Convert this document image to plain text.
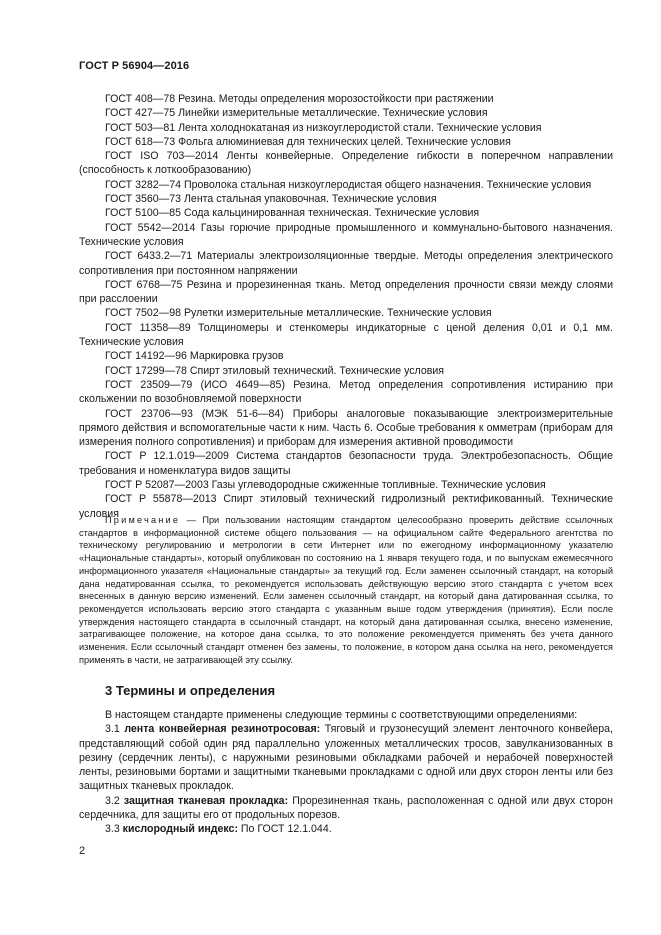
ГОСТ Р 56904—2016

ГОСТ 408—78 Резина. Методы определения морозостойкости при растяжении

ГОСТ 427—75 Линейки измерительные металлические. Технические условия

ГОСТ 503—81 Лента холоднокатаная из низкоуглеродистой стали. Технические условия

ГОСТ 618—73 Фольга алюминиевая для технических целей. Технические условия

ГОСТ ISO 703—2014 Ленты конвейерные. Определение гибкости в поперечном направлении (способность к лоткообразованию)

ГОСТ 3282—74 Проволока стальная низкоуглеродистая общего назначения. Технические условия

ГОСТ 3560—73 Лента стальная упаковочная. Технические условия

ГОСТ 5100—85 Сода кальцинированная техническая. Технические условия

ГОСТ 5542—2014 Газы горючие природные промышленного и коммунально-бытового назначения. Технические условия

ГОСТ 6433.2—71 Материалы электроизоляционные твердые. Методы определения электрического сопротивления при постоянном напряжении

ГОСТ 6768—75 Резина и прорезиненная ткань. Метод определения прочности связи между слоями при расслоении

ГОСТ 7502—98 Рулетки измерительные металлические. Технические условия

ГОСТ 11358—89 Толщиномеры и стенкомеры индикаторные с ценой деления 0,01 и 0,1 мм. Технические условия

ГОСТ 14192—96 Маркировка грузов

ГОСТ 17299—78 Спирт этиловый технический. Технические условия

ГОСТ 23509—79 (ИСО 4649—85) Резина. Метод определения сопротивления истиранию при скольжении по возобновляемой поверхности

ГОСТ 23706—93 (МЭК 51-6—84) Приборы аналоговые показывающие электроизмерительные прямого действия и вспомогательные части к ним. Часть 6. Особые требования к омметрам (приборам для измерения полного сопротивления) и приборам для измерения активной проводимости

ГОСТ Р 12.1.019—2009 Система стандартов безопасности труда. Электробезопасность. Общие требования и номенклатура видов защиты

ГОСТ Р 52087—2003 Газы углеводородные сжиженные топливные. Технические условия

ГОСТ Р 55878—2013 Спирт этиловый технический гидролизный ректификованный. Технические условия

Примечание — При пользовании настоящим стандартом целесообразно проверить действие ссылочных стандартов в информационной системе общего пользования — на официальном сайте Федерального агентства по техническому регулированию и метрологии в сети Интернет или по ежегодному информационному указателю «Национальные стандарты», который опубликован по состоянию на 1 января текущего года, и по выпускам ежемесячного информационного указателя «Национальные стандарты» за текущий год. Если заменен ссылочный стандарт, на который дана недатированная ссылка, то рекомендуется использовать действующую версию этого стандарта с учетом всех внесенных в данную версию изменений. Если заменен ссылочный стандарт, на который дана датированная ссылка, то рекомендуется использовать версию этого стандарта с указанным выше годом утверждения (принятия). Если после утверждения настоящего стандарта в ссылочный стандарт, на который дана датированная ссылка, внесено изменение, затрагивающее положение, на которое дана ссылка, то это положение рекомендуется применять без учета данного изменения. Если ссылочный стандарт отменен без замены, то положение, в котором дана ссылка на него, рекомендуется применять в части, не затрагивающей эту ссылку.

3 Термины и определения

В настоящем стандарте применены следующие термины с соответствующими определениями:

3.1 лента конвейерная резинотросовая: Тяговый и грузонесущий элемент ленточного конвейера, представляющий собой один ряд параллельно уложенных металлических тросов, завулканизованных в резину (сердечник ленты), с наружными резиновыми обкладками рабочей и нерабочей поверхностей ленты, резиновыми бортами и защитными тканевыми прокладками с одной или двух сторон ленты или без защитных тканевых прокладок.

3.2 защитная тканевая прокладка: Прорезиненная ткань, расположенная с одной или двух сторон сердечника, для защиты его от продольных порезов.

3.3 кислородный индекс: По ГОСТ 12.1.044.

2
